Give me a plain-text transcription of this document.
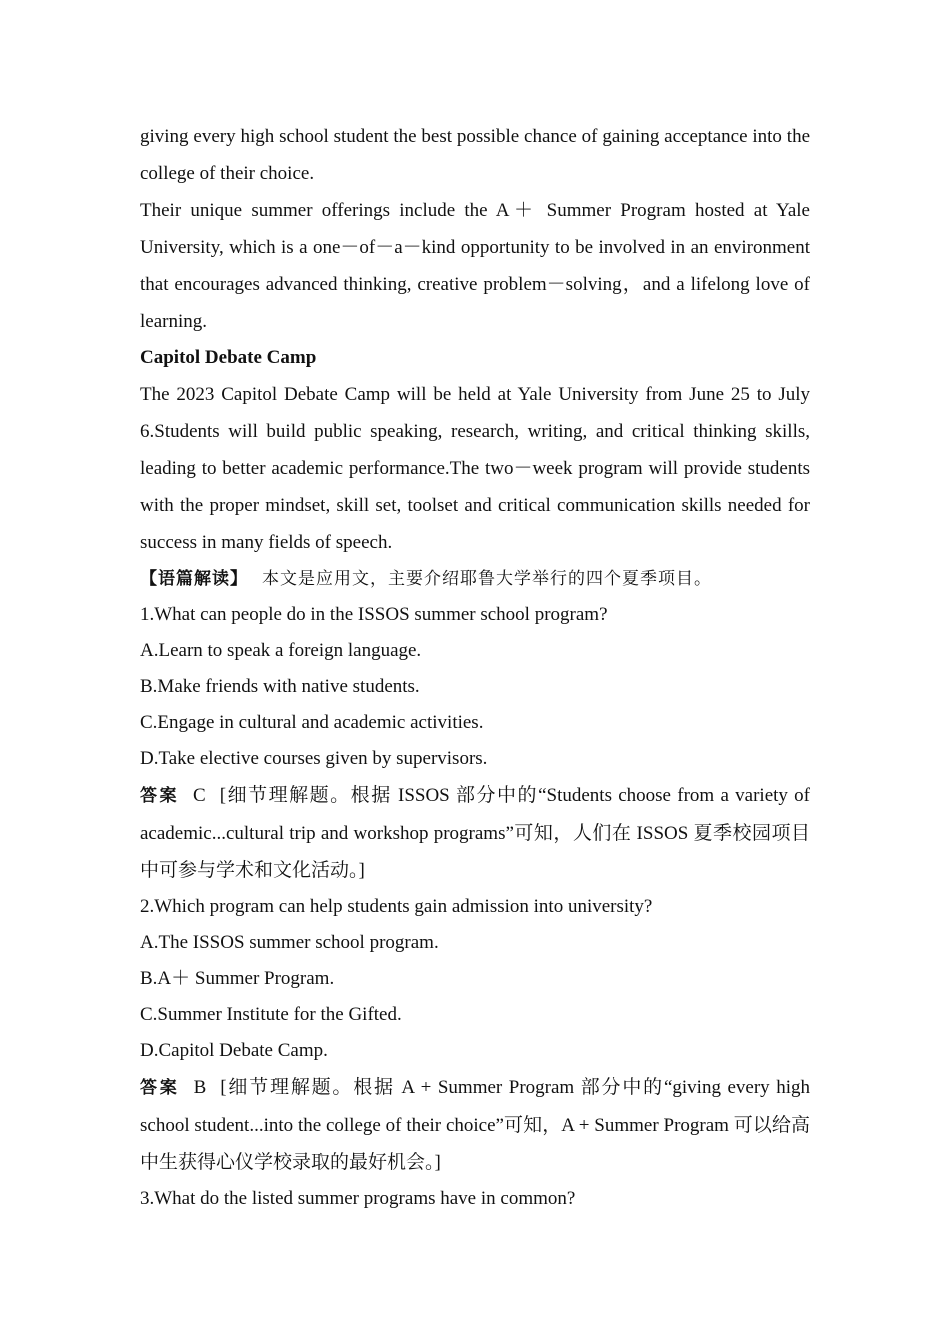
giving every high school student the best possible chance of gaining acceptance into the college of their choice.

Their unique summer offerings include the A＋ Summer Program hosted at Yale University, which is a one－of－a－kind opportunity to be involved in an environment that encourages advanced thinking, creative problem－solving，and a lifelong love of learning.

Capitol Debate Camp

The 2023 Capitol Debate Camp will be held at Yale University from June 25 to July 6.Students will build public speaking, research, writing, and critical thinking skills, leading to better academic performance.The two－week program will provide students with the proper mindset, skill set, toolset and critical communication skills needed for success in many fields of speech.

【语篇解读】 本文是应用文，主要介绍耶鲁大学举行的四个夏季项目。

1.What can people do in the ISSOS summer school program?

A.Learn to speak a foreign language.

B.Make friends with native students.

C.Engage in cultural and academic activities.

D.Take elective courses given by supervisors.

答案 C [细节理解题。根据 ISSOS 部分中的“Students choose from a variety of academic...cultural trip and workshop programs”可知，人们在 ISSOS 夏季校园项目中可参与学术和文化活动。]

2.Which program can help students gain admission into university?

A.The ISSOS summer school program.

B.A＋ Summer Program.

C.Summer Institute for the Gifted.

D.Capitol Debate Camp.

答案 B [细节理解题。根据 A + Summer Program 部分中的“giving every high school student...into the college of their choice”可知，A + Summer Program 可以给高中生获得心仪学校录取的最好机会。]

3.What do the listed summer programs have in common?
